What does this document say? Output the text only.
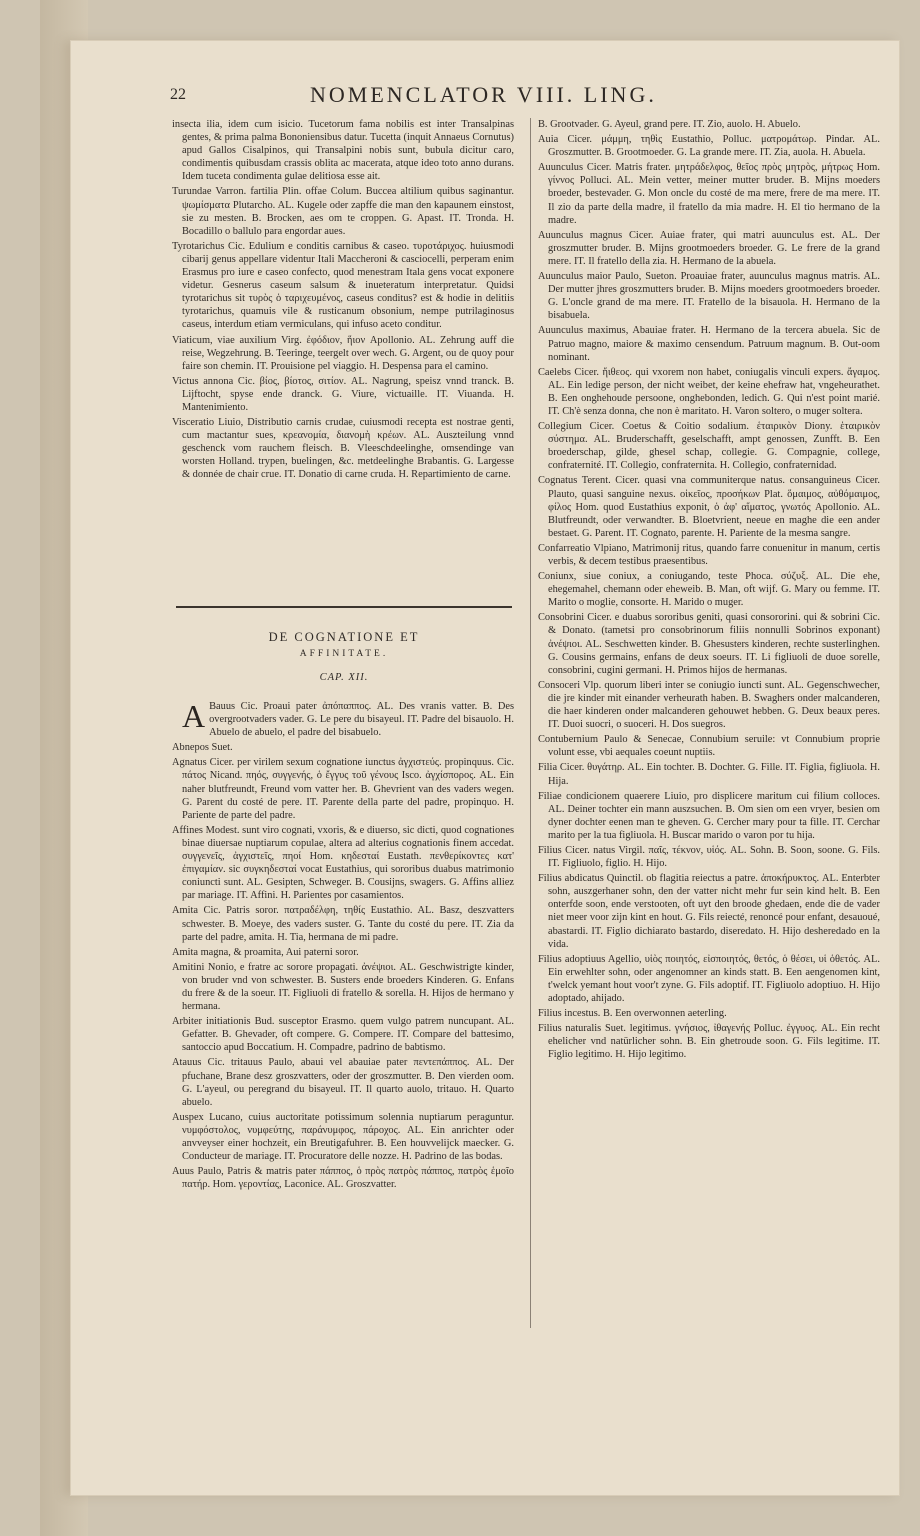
22	NOMENCLATOR VIII. LING.

insecta ilia, idem cum isicio. Tucetorum fama nobilis est inter Transalpinas gentes, & prima palma Bononiensibus datur. Tucetta (inquit Annaeus Cornutus) apud Gallos Cisalpinos, qui Transalpini nobis sunt, bubula dicitur caro, condimentis quibusdam crassis oblita ac macerata, atque ideo toto anno durans. Idem tuceta condimenta gulae delitiosa esse ait.

Turundae Varron. fartilia Plin. offae Colum. Buccea altilium quibus saginantur. ψωμίσματα Plutarcho. AL. Kugele oder zapffe die man den kapaunem einstost, sie zu mesten. B. Brocken, aes om te croppen. G. Apast. IT. Tronda. H. Bocadillo o ballulo para engordar aues.

Tyrotarichus Cic. Edulium e conditis carnibus & caseo. τυροτάριχος. huiusmodi cibarij genus appellare videntur Itali Maccheroni & casciocelli, perperam enim Erasmus pro iure e caseo confecto, quod menestram Itala gens vocat exponere videtur. Gesnerus caseum salsum & inueteratum interpretatur. Quidsi tyrotarichus sit τυρὸς ὁ ταριχευμένος, caseus conditus? est & hodie in delitiis tyrotarichus, quamuis vile & rusticanum obsonium, nempe putrilaginosus caseus, interdum etiam vermiculans, qui infuso aceto conditur.

Viaticum, viae auxilium Virg. ἐφόδιον, ἥιον Apollonio. AL. Zehrung auff die reise, Wegzehrung. B. Teeringe, teergelt over wech. G. Argent, ou de quoy pour faire son chemin. IT. Prouisione pel viaggio. H. Despensa para el camino.

Victus annona Cic. βίος, βίοτος, σιτίον. AL. Nagrung, speisz vnnd tranck. B. Lijftocht, spyse ende dranck. G. Viure, victuaille. IT. Viuanda. H. Mantenimiento.

Visceratio Liuio, Distributio carnis crudae, cuiusmodi recepta est nostrae genti, cum mactantur sues, κρεανομία, διανομὴ κρέων. AL. Auszteilung vnnd geschenck vom rauchem fleisch. B. Vleeschdeelinghe, omsendinge van worsten Holland. trypen, buelingen, &c. metdeelinghe Brabantis. G. Largesse & donnée de chair crue. IT. Donatio di carne cruda. H. Repartimiento de carne.

DE COGNATIONE ET
AFFINITATE.
CAP. XII.

A Bauus Cic. Proaui pater ἀπόπαππος. AL. Des vranis vatter. B. Des overgrootvaders vader. G. Le pere du bisayeul. IT. Padre del bisauolo. H. Abuelo de abuelo, el padre del bisabuelo.

Abnepos Suet.

Agnatus Cicer. per virilem sexum cognatione iunctus ἀγχιστεύς. propinquus. Cic. πάτος Nicand. πηός, συγγενής, ὁ ἔγγυς τοῦ γένους Isco. ἀγχίσπορος. AL. Ein naher blutfreundt, Freund vom vatter her. B. Ghevrient van des vaders wegen. G. Parent du costé de pere. IT. Parente della parte del padre, propinquo. H. Pariente de parte del padre.

Affines Modest. sunt viro cognati, vxoris, & e diuerso, sic dicti, quod cognationes binae diuersae nuptiarum copulae, altera ad alterius cognationis finem accedat. συγγενεῖς, ἀγχιστεῖς, πηοί Hom. κηδεσταί Eustath. πενθερίκοντες κατ' ἐπιγαμίαν. sic συγκηδεσταί vocat Eustathius, qui sororibus duabus matrimonio coniuncti sunt. AL. Gesipten, Schweger. B. Cousijns, swagers. G. Affins alliez par mariage. IT. Affini. H. Parientes por casamientos.

Amita Cic. Patris soror. πατραδέλφη, τηθίς Eustathio. AL. Basz, deszvatters schwester. B. Moeye, des vaders suster. G. Tante du costé du pere. IT. Zia da parte del padre, amita. H. Tia, hermana de mi padre.

Amita magna, & proamita, Aui paterni soror.

Amitini Nonio, e fratre ac sorore propagati. ἀνέψιοι. AL. Geschwistrigte kinder, von bruder vnd von schwester. B. Susters ende broeders Kinderen. G. Enfans du frere & de la soeur. IT. Figliuoli di fratello & sorella. H. Hijos de hermano y hermana.

Arbiter initiationis Bud. susceptor Erasmo. quem vulgo patrem nuncupant. AL. Gefatter. B. Ghevader, oft compere. G. Compere. IT. Compare del battesimo, santoccio apud Boccatium. H. Compadre, padrino de babtismo.

Atauus Cic. tritauus Paulo, abaui vel abauiae pater πεντεπάππος. AL. Der pfuchane, Brane desz groszvatters, oder der groszmutter. B. Den vierden oom. G. L'ayeul, ou peregrand du bisayeul. IT. Il quarto auolo, tritauo. H. Quarto abuelo.

Auspex Lucano, cuius auctoritate potissimum solennia nuptiarum peraguntur. νυμφόστολος, νυμφεύτης, παράνυμφος, πάροχος. AL. Ein anrichter oder anvveyser einer hochzeit, ein Breutigafuhrer. B. Een houvvelijck maecker. G. Conducteur de mariage. IT. Procuratore delle nozze. H. Padrino de las bodas.

Auus Paulo, Patris & matris pater πάππος, ὁ πρὸς πατρὸς πάππος, πατρὸς ἑμοῖο πατήρ. Hom. γεροντίας, Laconice. AL. Groszvatter.

B. Grootvader. G. Ayeul, grand pere. IT. Zio, auolo. H. Abuelo.

Auia Cicer. μάμμη, τηθὶς Eustathio, Polluc. ματρομάτωρ. Pindar. AL. Groszmutter. B. Grootmoeder. G. La grande mere. IT. Zia, auola. H. Abuela.

Auunculus Cicer. Matris frater. μητράδελφος, θεῖος πρὸς μητρὸς, μήτρως Hom. γίννος Polluci. AL. Mein vetter, meiner mutter bruder. B. Mijns moeders broeder, bestevader. G. Mon oncle du costé de ma mere, frere de ma mere. IT. Il zio da parte della madre, il fratello da mia madre. H. El tio hermano de la madre.

Auunculus magnus Cicer. Auiae frater, qui matri auunculus est. AL. Der groszmutter bruder. B. Mijns grootmoeders broeder. G. Le frere de la grand mere. IT. Il fratello della zia. H. Hermano de la abuela.

Auunculus maior Paulo, Sueton. Proauiae frater, auunculus magnus matris. AL. Der mutter jhres groszmutters bruder. B. Mijns moeders grootmoeders broeder. G. L'oncle grand de ma mere. IT. Fratello de la bisauola. H. Hermano de la bisabuela.

Auunculus maximus, Abauiae frater. H. Hermano de la tercera abuela. Sic de Patruo magno, maiore & maximo censendum. Patruum magnum. B. Out-oom nominant.

Caelebs Cicer. ἤιθεος. qui vxorem non habet, coniugalis vinculi expers. ἄγαμος. AL. Ein ledige person, der nicht weibet, der keine ehefraw hat, vngeheurathet. B. Een onghehoude persoone, onghebonden, ledich. G. Qui n'est point marié. IT. Ch'è senza donna, che non è maritato. H. Varon soltero, o muger soltera.

Collegium Cicer. Coetus & Coitio sodalium. ἑταιρικὸν Diony. ἑταιρικὸν σύστημα. AL. Bruderschafft, geselschafft, ampt genossen, Zunfft. B. Een broederschap, gilde, ghesel schap, collegie. G. Compagnie, college, confraternité. IT. Collegio, confraternita. H. Collegio, confraternidad.

Cognatus Terent. Cicer. quasi vna communiterque natus. consanguineus Cicer. Plauto, quasi sanguine nexus. οἰκεῖος, προσήκων Plat. ὅμαιμος, αὐθόμαιμος, φίλος Hom. quod Eustathius exponit, ὁ ἀφ' αἵματος, γνωτός Apollonio. AL. Blutfreundt, oder verwandter. B. Bloetvrient, neeue en maghe die een ander bestaet. G. Parent. IT. Cognato, parente. H. Pariente de la mesma sangre.

Confarreatio Vlpiano, Matrimonij ritus, quando farre conuenitur in manum, certis verbis, & decem testibus praesentibus.

Coniunx, siue coniux, a coniugando, teste Phoca. σύζυξ. AL. Die ehe, ehegemahel, chemann oder eheweib. B. Man, oft wijf. G. Mary ou femme. IT. Marito o moglie, consorte. H. Marido o muger.

Consobrini Cicer. e duabus sororibus geniti, quasi consororini. qui & sobrini Cic. & Donato. (tametsi pro consobrinorum filiis nonnulli Sobrinos exponant) ἀνέψιοι. AL. Seschwetten kinder. B. Ghesusters kinderen, rechte susterlinghen. G. Cousins germains, enfans de deux soeurs. IT. Li figliuoli de duoe sorelle, consobrini, cugini germani. H. Primos hijos de hermanas.

Consoceri Vlp. quorum liberi inter se coniugio iuncti sunt. AL. Gegenschwecher, die jre kinder mit einander verheurath haben. B. Swaghers onder malcanderen, die haer kinderen onder malcanderen gehouwet hebben. G. Deux beaux peres. IT. Duoi suocri, o suoceri. H. Dos suegros.

Contubernium Paulo & Senecae, Connubium seruile: vt Connubium proprie volunt esse, vbi aequales coeunt nuptiis.

Filia Cicer. θυγάτηρ. AL. Ein tochter. B. Dochter. G. Fille. IT. Figlia, figliuola. H. Hija.

Filiae condicionem quaerere Liuio, pro displicere maritum cui filium colloces. AL. Deiner tochter ein mann auszsuchen. B. Om sien om een vryer, besien om dyner dochter eenen man te gheven. G. Cercher mary pour ta fille. IT. Cerchar marito per la tua figliuola. H. Buscar marido o varon por tu hija.

Filius Cicer. natus Virgil. παῖς, τέκνον, υἱός. AL. Sohn. B. Soon, soone. G. Fils. IT. Figliuolo, figlio. H. Hijo.

Filius abdicatus Quinctil. ob flagitia reiectus a patre. ἀποκήρυκτος. AL. Enterbter sohn, auszgerhaner sohn, den der vatter nicht mehr fur sein kind helt. B. Een onterfde soon, ende verstooten, oft uyt den broode ghedaen, ende die de vader niet meer voor zijn kint en hout. G. Fils reiecté, renoncé pour enfant, desauoué, abastardi. IT. Figlio dichiarato bastardo, diseredato. H. Hijo desheredado en la vida.

Filius adoptiuus Agellio, υἱὸς ποιητός, εἰσποιητός, θετός, ὁ θέσει, υἱ ὁθετός. AL. Ein erwehlter sohn, oder angenomner an kinds statt. B. Een aengenomen kint, t'welck yemant hout voor't zyne. G. Fils adoptif. IT. Figliuolo adoptiuo. H. Hijo adoptado, ahijado.

Filius incestus. B. Een overwonnen aeterling.

Filius naturalis Suet. legitimus. γνήσιος, ἰθαγενής Polluc. ἐγγυος. AL. Ein recht ehelicher vnd natürlicher sohn. B. Ein ghetroude soon. G. Fils legitime. IT. Figlio legitimo. H. Hijo legitimo.
